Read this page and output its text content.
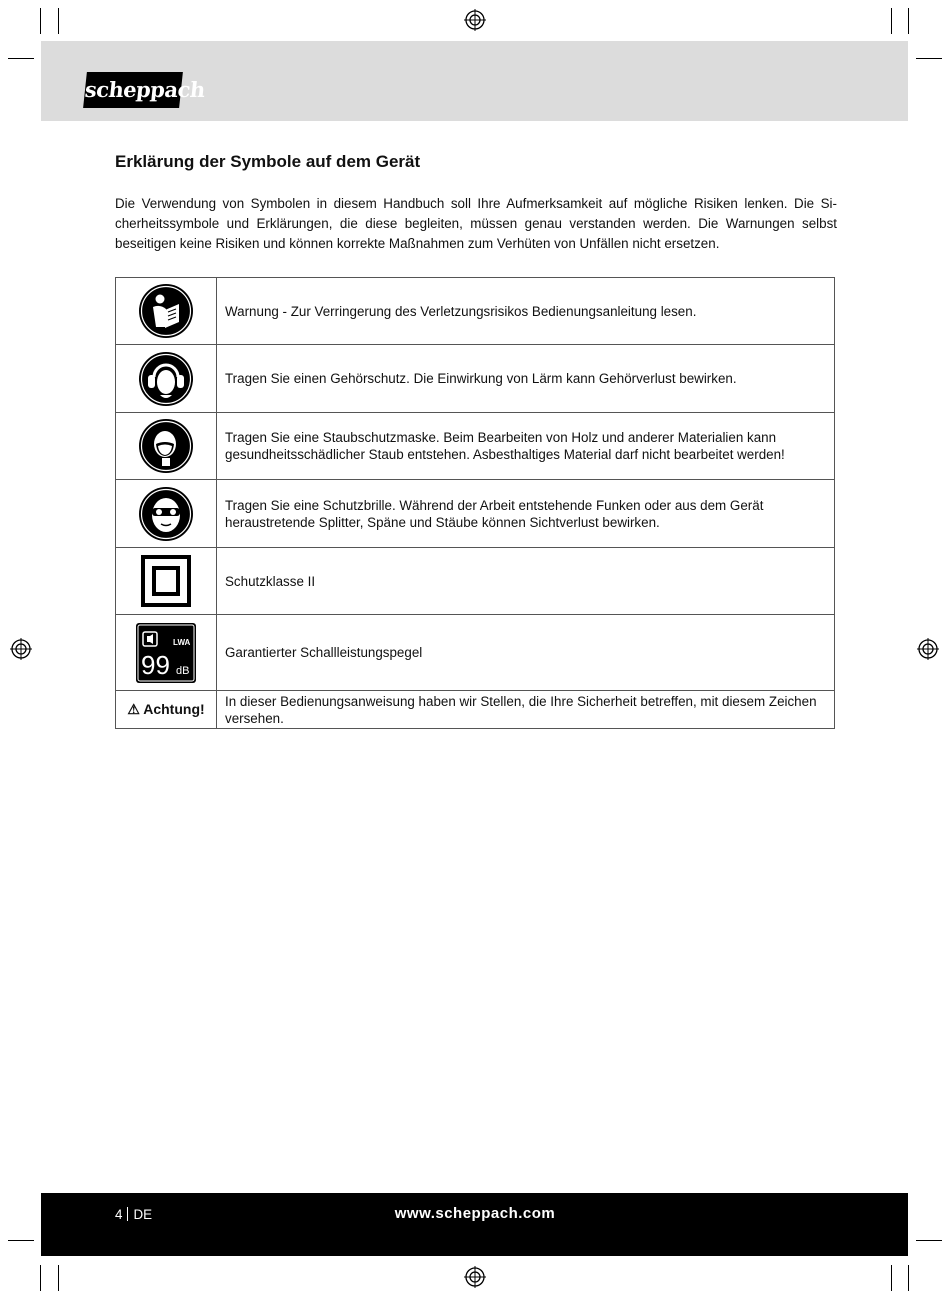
scheppach
Erklärung der Symbole auf dem Gerät

Die Verwendung von Symbolen in diesem Handbuch soll Ihre Aufmerksamkeit auf mögliche Risiken lenken. Die Si-cherheitssymbole und Erklärungen, die diese begleiten, müssen genau verstanden werden. Die Warnungen selbst beseitigen keine Risiken und können korrekte Maßnahmen zum Verhüten von Unfällen nicht ersetzen.

	Warnung - Zur Verringerung des Verletzungsrisikos Bedienungsanleitung lesen.

	Tragen Sie einen Gehörschutz. Die Einwirkung von Lärm kann Gehörverlust bewirken.

	Tragen Sie eine Staubschutzmaske. Beim Bearbeiten von Holz und anderer Materialien kann gesundheitsschädlicher Staub entstehen. Asbesthaltiges Material darf nicht bearbeitet werden!

	Tragen Sie eine Schutzbrille. Während der Arbeit entstehende Funken oder aus dem Gerät heraustretende Splitter, Späne und Stäube können Sichtverlust bewirken.

	Schutzklasse II

LWA
99 dB	Garantierter Schallleistungspegel
⚠ Achtung!	In dieser Bedienungsanweisung haben wir Stellen, die Ihre Sicherheit betreffen, mit diesem Zeichen versehen.
4 DE	www.scheppach.com
